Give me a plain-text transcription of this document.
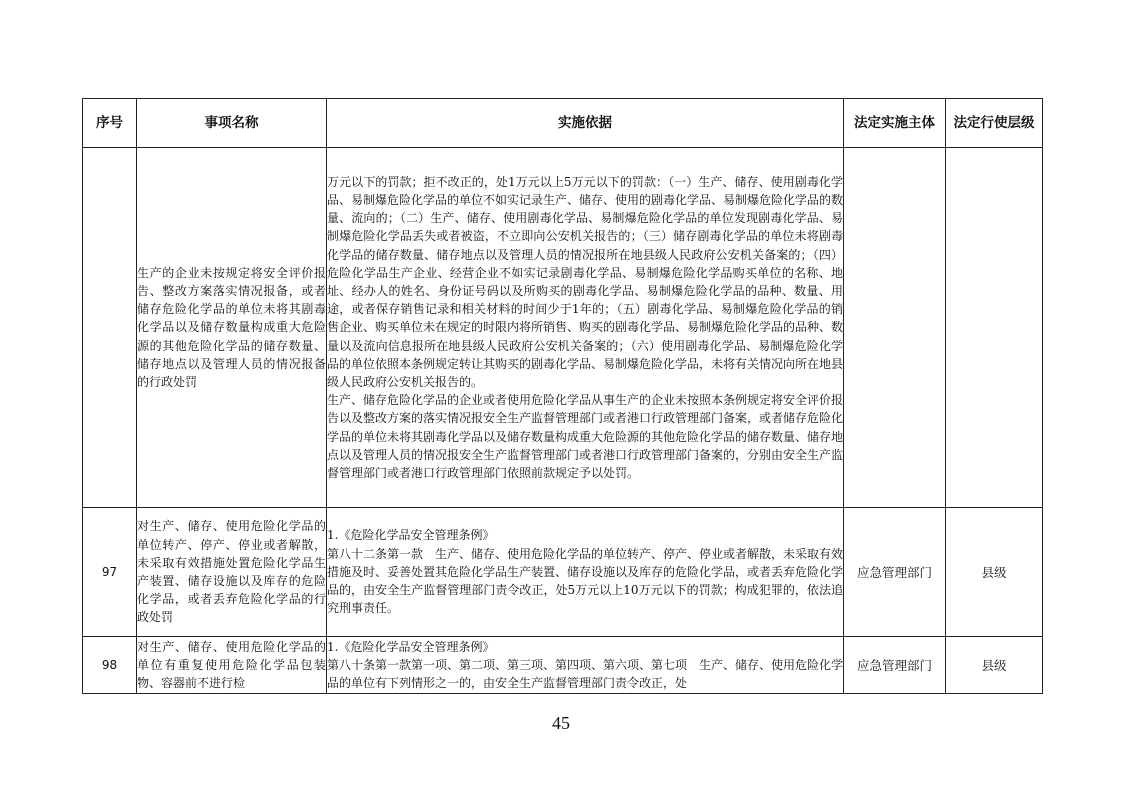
序号	事项名称	实施依据	法定实施主体	法定行使层级
	生产的企业未按规定将安全评价报告、整改方案落实情况报备，或者储存危险化学品的单位未将其剧毒化学品以及储存数量构成重大危险源的其他危险化学品的储存数量、储存地点以及管理人员的情况报备的行政处罚	万元以下的罚款；拒不改正的，处1万元以上5万元以下的罚款：（一）生产、储存、使用剧毒化学品、易制爆危险化学品的单位不如实记录生产、储存、使用的剧毒化学品、易制爆危险化学品的数量、流向的；（二）生产、储存、使用剧毒化学品、易制爆危险化学品的单位发现剧毒化学品、易制爆危险化学品丢失或者被盗，不立即向公安机关报告的；（三）储存剧毒化学品的单位未将剧毒化学品的储存数量、储存地点以及管理人员的情况报所在地县级人民政府公安机关备案的；（四）危险化学品生产企业、经营企业不如实记录剧毒化学品、易制爆危险化学品购买单位的名称、地址、经办人的姓名、身份证号码以及所购买的剧毒化学品、易制爆危险化学品的品种、数量、用途，或者保存销售记录和相关材料的时间少于1年的；（五）剧毒化学品、易制爆危险化学品的销售企业、购买单位未在规定的时限内将所销售、购买的剧毒化学品、易制爆危险化学品的品种、数量以及流向信息报所在地县级人民政府公安机关备案的；（六）使用剧毒化学品、易制爆危险化学品的单位依照本条例规定转让其购买的剧毒化学品、易制爆危险化学品，未将有关情况向所在地县级人民政府公安机关报告的。

生产、储存危险化学品的企业或者使用危险化学品从事生产的企业未按照本条例规定将安全评价报告以及整改方案的落实情况报安全生产监督管理部门或者港口行政管理部门备案，或者储存危险化学品的单位未将其剧毒化学品以及储存数量构成重大危险源的其他危险化学品的储存数量、储存地点以及管理人员的情况报安全生产监督管理部门或者港口行政管理部门备案的，分别由安全生产监督管理部门或者港口行政管理部门依照前款规定予以处罚。		

97	对生产、储存、使用危险化学品的单位转产、停产、停业或者解散，未采取有效措施处置危险化学品生产装置、储存设施以及库存的危险化学品，或者丢弃危险化学品的行政处罚	1.《危险化学品安全管理条例》

第八十二条第一款　生产、储存、使用危险化学品的单位转产、停产、停业或者解散，未采取有效措施及时、妥善处置其危险化学品生产装置、储存设施以及库存的危险化学品，或者丢弃危险化学品的，由安全生产监督管理部门责令改正，处5万元以上10万元以下的罚款；构成犯罪的，依法追究刑事责任。	应急管理部门	县级
98	对生产、储存、使用危险化学品的单位有重复使用危险化学品包装物、容器前不进行检	1.《危险化学品安全管理条例》

第八十条第一款第一项、第二项、第三项、第四项、第六项、第七项　生产、储存、使用危险化学品的单位有下列情形之一的，由安全生产监督管理部门责令改正，处	应急管理部门	县级
45
